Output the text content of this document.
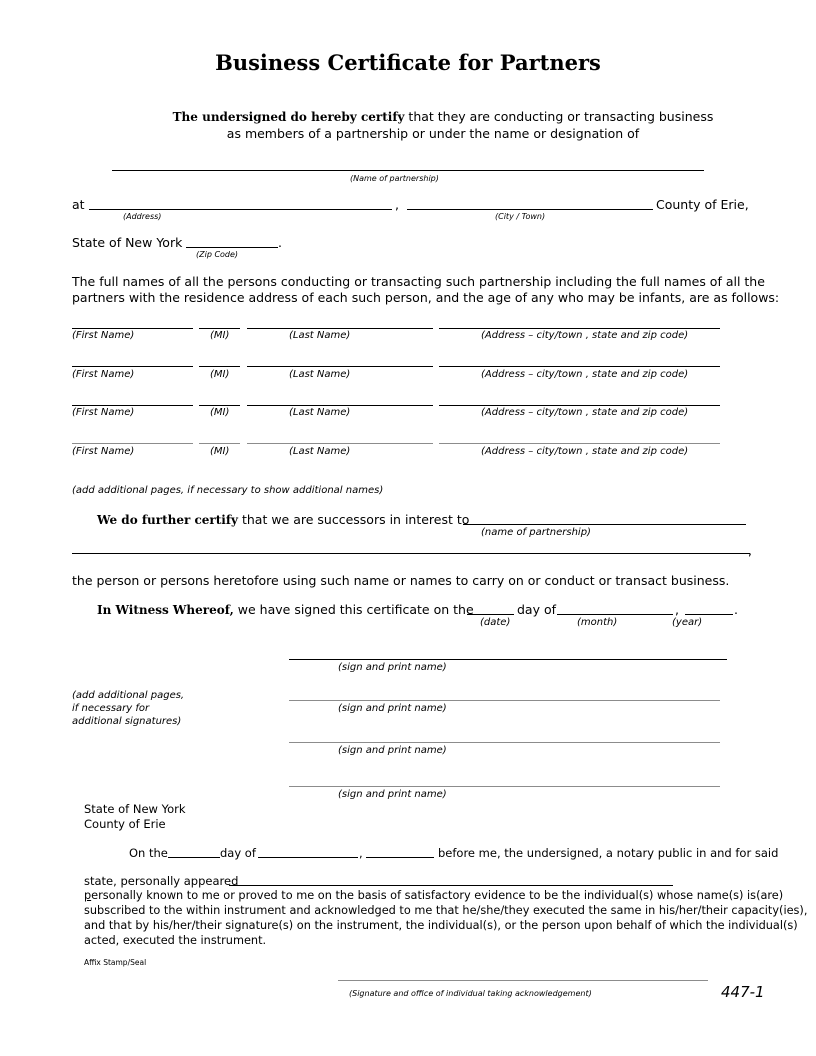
Business Certificate for Partners
The undersigned do hereby certify that they are conducting or transacting business
as members of a partnership or under the name or designation of
(Name of partnership)
at	,	County of Erie,
(Address)	(City / Town)
State of New York	.
(Zip Code)
The full names of all the persons conducting or transacting such partnership including the full names of all the
partners with the residence address of each such person, and the age of any who may be infants, are as follows:
(First Name)	(MI)	(Last Name)	(Address – city/town , state and zip code)
(First Name)	(MI)	(Last Name)	(Address – city/town , state and zip code)
(First Name)	(MI)	(Last Name)	(Address – city/town , state and zip code)
(First Name)	(MI)	(Last Name)	(Address – city/town , state and zip code)
(add additional pages, if necessary to show additional names)
We do further certify that we are successors in interest to
(name of partnership)
,
the person or persons heretofore using such name or names to carry on or conduct or transact business.
In Witness Whereof, we have signed this certificate on the	day of	,	.
(date)	(month)	(year)
(sign and print name)
(sign and print name)
(sign and print name)
(sign and print name)
(add additional pages,
if necessary for
additional signatures)
State of New York
County of Erie
On the	day of	,	before me, the undersigned, a notary public in and for said
state, personally appeared
personally known to me or proved to me on the basis of satisfactory evidence to be the individual(s) whose name(s) is(are)
subscribed to the within instrument and acknowledged to me that he/she/they executed the same in his/her/their capacity(ies),
and that by his/her/their signature(s) on the instrument, the individual(s), or the person upon behalf of which the individual(s)
acted, executed the instrument.
Affix Stamp/Seal
(Signature and office of individual taking acknowledgement)	447-1
